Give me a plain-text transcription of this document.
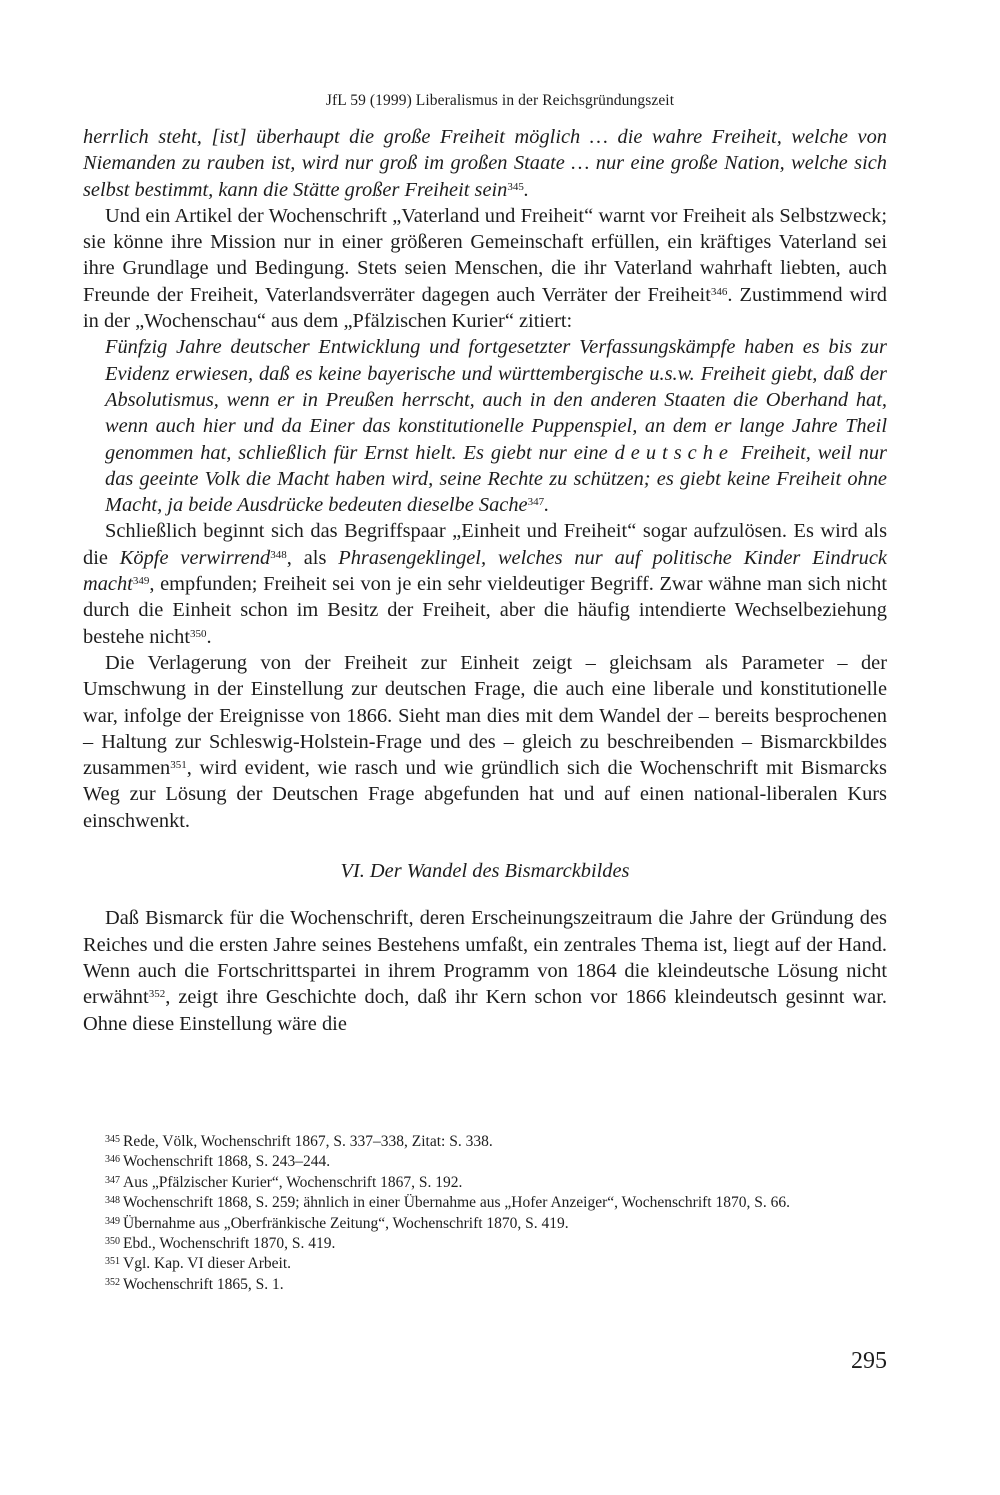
JfL 59 (1999) Liberalismus in der Reichsgründungszeit

herrlich steht, [ist] überhaupt die große Freiheit möglich … die wahre Freiheit, welche von Niemanden zu rauben ist, wird nur groß im großen Staate … nur eine große Nation, welche sich selbst bestimmt, kann die Stätte großer Freiheit sein$^{345}$.

Und ein Artikel der Wochenschrift „Vaterland und Freiheit“ warnt vor Freiheit als Selbstzweck; sie könne ihre Mission nur in einer größeren Gemeinschaft erfüllen, ein kräftiges Vaterland sei ihre Grundlage und Bedingung. Stets seien Menschen, die ihr Vaterland wahrhaft liebten, auch Freunde der Freiheit, Vaterlandsverräter dagegen auch Verräter der Freiheit$^{346}$. Zustimmend wird in der „Wochenschau“ aus dem „Pfälzischen Kurier“ zitiert:

Fünfzig Jahre deutscher Entwicklung und fortgesetzter Verfassungskämpfe haben es bis zur Evidenz erwiesen, daß es keine bayerische und württembergische u.s.w. Freiheit giebt, daß der Absolutismus, wenn er in Preußen herrscht, auch in den anderen Staaten die Oberhand hat, wenn auch hier und da Einer das konstitutionelle Puppenspiel, an dem er lange Jahre Theil genommen hat, schließlich für Ernst hielt. Es giebt nur eine deutsche Freiheit, weil nur das geeinte Volk die Macht haben wird, seine Rechte zu schützen; es giebt keine Freiheit ohne Macht, ja beide Ausdrücke bedeuten dieselbe Sache$^{347}$.

Schließlich beginnt sich das Begriffspaar „Einheit und Freiheit“ sogar aufzulösen. Es wird als die Köpfe verwirrend$^{348}$, als Phrasengeklingel, welches nur auf politische Kinder Eindruck macht$^{349}$, empfunden; Freiheit sei von je ein sehr vieldeutiger Begriff. Zwar wähne man sich nicht durch die Einheit schon im Besitz der Freiheit, aber die häufig intendierte Wechselbeziehung bestehe nicht$^{350}$.

Die Verlagerung von der Freiheit zur Einheit zeigt – gleichsam als Parameter – der Umschwung in der Einstellung zur deutschen Frage, die auch eine liberale und konstitutionelle war, infolge der Ereignisse von 1866. Sieht man dies mit dem Wandel der – bereits besprochenen – Haltung zur Schleswig-Holstein-Frage und des – gleich zu beschreibenden – Bismarckbildes zusammen$^{351}$, wird evident, wie rasch und wie gründlich sich die Wochenschrift mit Bismarcks Weg zur Lösung der Deutschen Frage abgefunden hat und auf einen national-liberalen Kurs einschwenkt.

VI. Der Wandel des Bismarckbildes

Daß Bismarck für die Wochenschrift, deren Erscheinungszeitraum die Jahre der Gründung des Reiches und die ersten Jahre seines Bestehens umfaßt, ein zentrales Thema ist, liegt auf der Hand. Wenn auch die Fortschrittspartei in ihrem Programm von 1864 die kleindeutsche Lösung nicht erwähnt$^{352}$, zeigt ihre Geschichte doch, daß ihr Kern schon vor 1866 kleindeutsch gesinnt war. Ohne diese Einstellung wäre die

$^{345}$ Rede, Völk, Wochenschrift 1867, S. 337–338, Zitat: S. 338.

$^{346}$ Wochenschrift 1868, S. 243–244.

$^{347}$ Aus „Pfälzischer Kurier“, Wochenschrift 1867, S. 192.

$^{348}$ Wochenschrift 1868, S. 259; ähnlich in einer Übernahme aus „Hofer Anzeiger“, Wochenschrift 1870, S. 66.

$^{349}$ Übernahme aus „Oberfränkische Zeitung“, Wochenschrift 1870, S. 419.

$^{350}$ Ebd., Wochenschrift 1870, S. 419.

$^{351}$ Vgl. Kap. VI dieser Arbeit.

$^{352}$ Wochenschrift 1865, S. 1.

295
